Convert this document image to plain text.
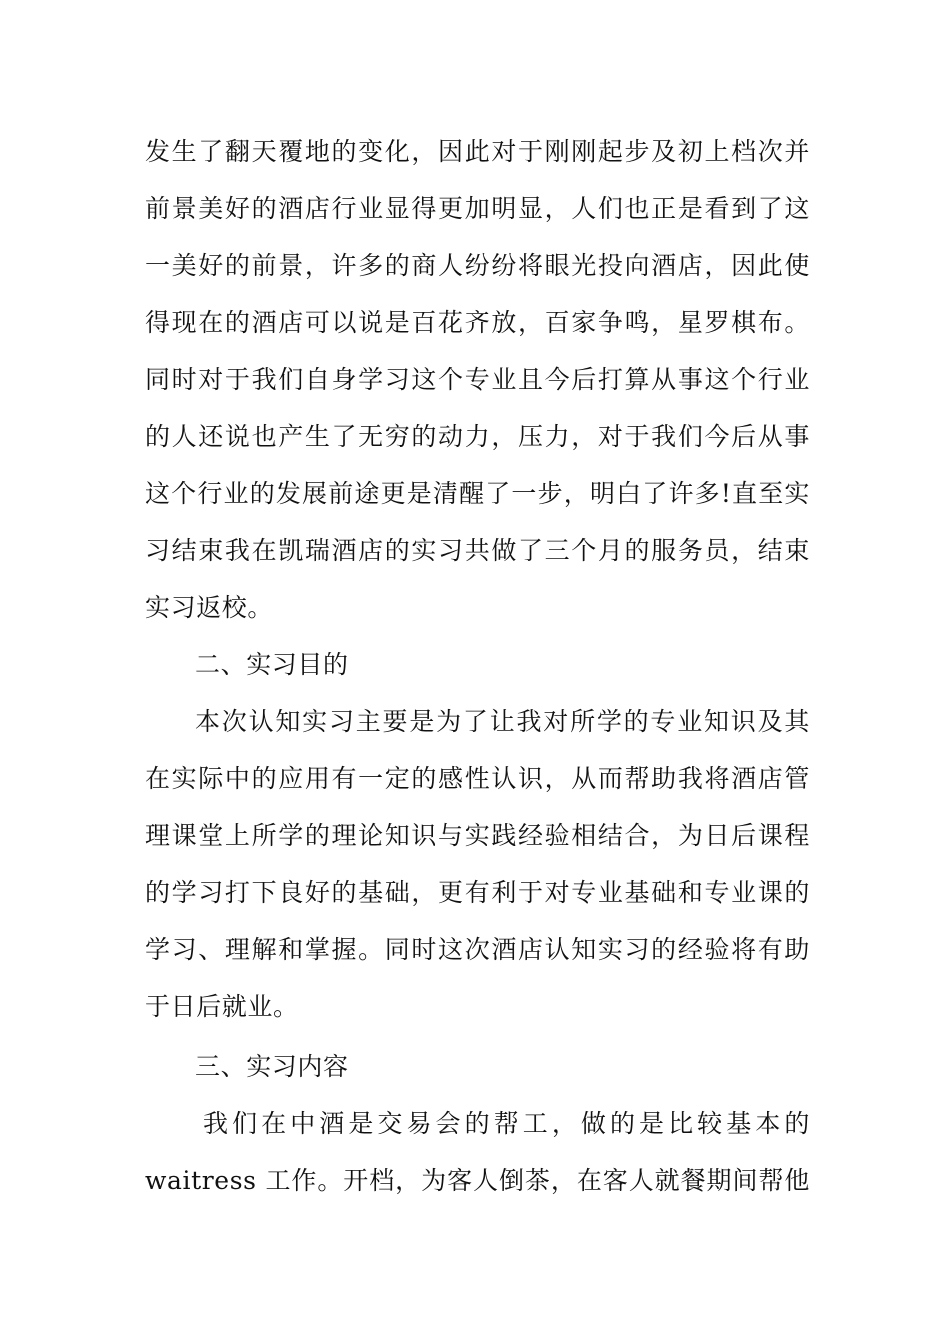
发生了翻天覆地的变化，因此对于刚刚起步及初上档次并
前景美好的酒店行业显得更加明显，人们也正是看到了这
一美好的前景，许多的商人纷纷将眼光投向酒店，因此使
得现在的酒店可以说是百花齐放，百家争鸣，星罗棋布。
同时对于我们自身学习这个专业且今后打算从事这个行业
的人还说也产生了无穷的动力，压力，对于我们今后从事
这个行业的发展前途更是清醒了一步，明白了许多!直至实
习结束我在凯瑞酒店的实习共做了三个月的服务员，结束
实习返校。
二、实习目的
本次认知实习主要是为了让我对所学的专业知识及其
在实际中的应用有一定的感性认识，从而帮助我将酒店管
理课堂上所学的理论知识与实践经验相结合，为日后课程
的学习打下良好的基础，更有利于对专业基础和专业课的
学习、理解和掌握。同时这次酒店认知实习的经验将有助
于日后就业。
三、实习内容
我们在中酒是交易会的帮工，做的是比较基本的
waitress 工作。开档，为客人倒茶，在客人就餐期间帮他
